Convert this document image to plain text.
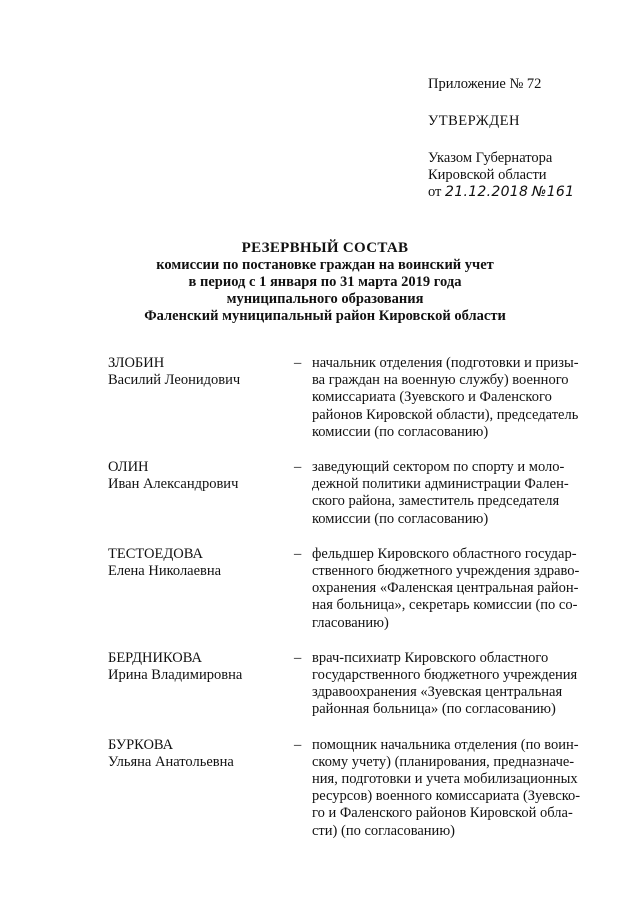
Приложение № 72

УТВЕРЖДЕН

Указом Губернатора

Кировской области

от 21.12.2018 №161

РЕЗЕРВНЫЙ СОСТАВ
комиссии по постановке граждан на воинский учет
в период с 1 января по 31 марта 2019 года
муниципального образования
Фаленский муниципальный район Кировской области
ЗЛОБИН
Василий Леонидович
– начальник отделения (подготовки и призы-
ва граждан на военную службу) военного
комиссариата (Зуевского и Фаленского
районов Кировской области), председатель
комиссии (по согласованию)
ОЛИН
Иван Александрович
– заведующий сектором по спорту и моло-
дежной политики администрации Фален-
ского района, заместитель председателя
комиссии (по согласованию)
ТЕСТОЕДОВА
Елена Николаевна
– фельдшер Кировского областного государ-
ственного бюджетного учреждения здраво-
охранения «Фаленская центральная район-
ная больница», секретарь комиссии (по со-
гласованию)
БЕРДНИКОВА
Ирина Владимировна
– врач-психиатр Кировского областного
государственного бюджетного учреждения
здравоохранения «Зуевская центральная
районная больница» (по согласованию)
БУРКОВА
Ульяна Анатольевна
– помощник начальника отделения (по воин-
скому учету) (планирования, предназначе-
ния, подготовки и учета мобилизационных
ресурсов) военного комиссариата (Зуевско-
го и Фаленского районов Кировской обла-
сти) (по согласованию)
